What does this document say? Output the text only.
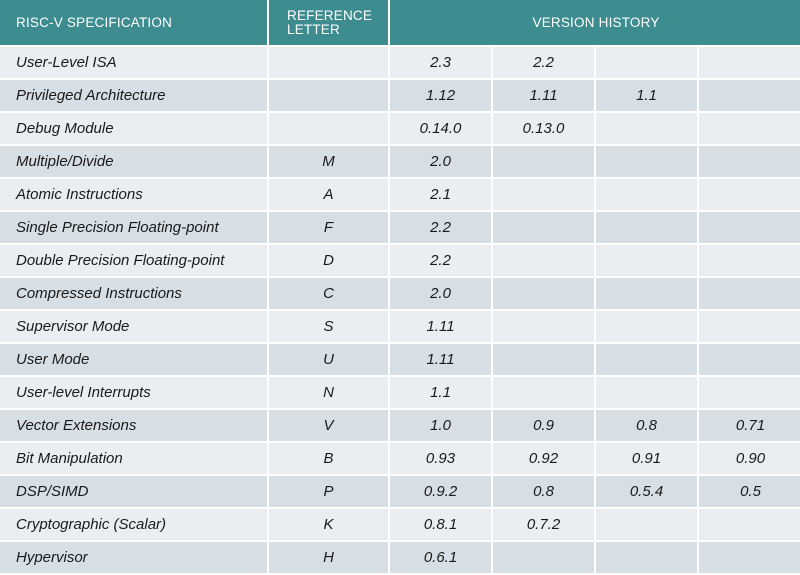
RISC-V SPECIFICATION	REFERENCE
LETTER	VERSION HISTORY			
User-Level ISA		2.3	2.2		
Privileged Architecture		1.12	1.11	1.1	
Debug Module		0.14.0	0.13.0		
Multiple/Divide	M	2.0			
Atomic Instructions	A	2.1			
Single Precision Floating-point	F	2.2			
Double Precision Floating-point	D	2.2			
Compressed Instructions	C	2.0			
Supervisor Mode	S	1.11			
User Mode	U	1.11			
User-level Interrupts	N	1.1			
Vector Extensions	V	1.0	0.9	0.8	0.71
Bit Manipulation	B	0.93	0.92	0.91	0.90
DSP/SIMD	P	0.9.2	0.8	0.5.4	0.5
Cryptographic (Scalar)	K	0.8.1	0.7.2		
Hypervisor	H	0.6.1			
